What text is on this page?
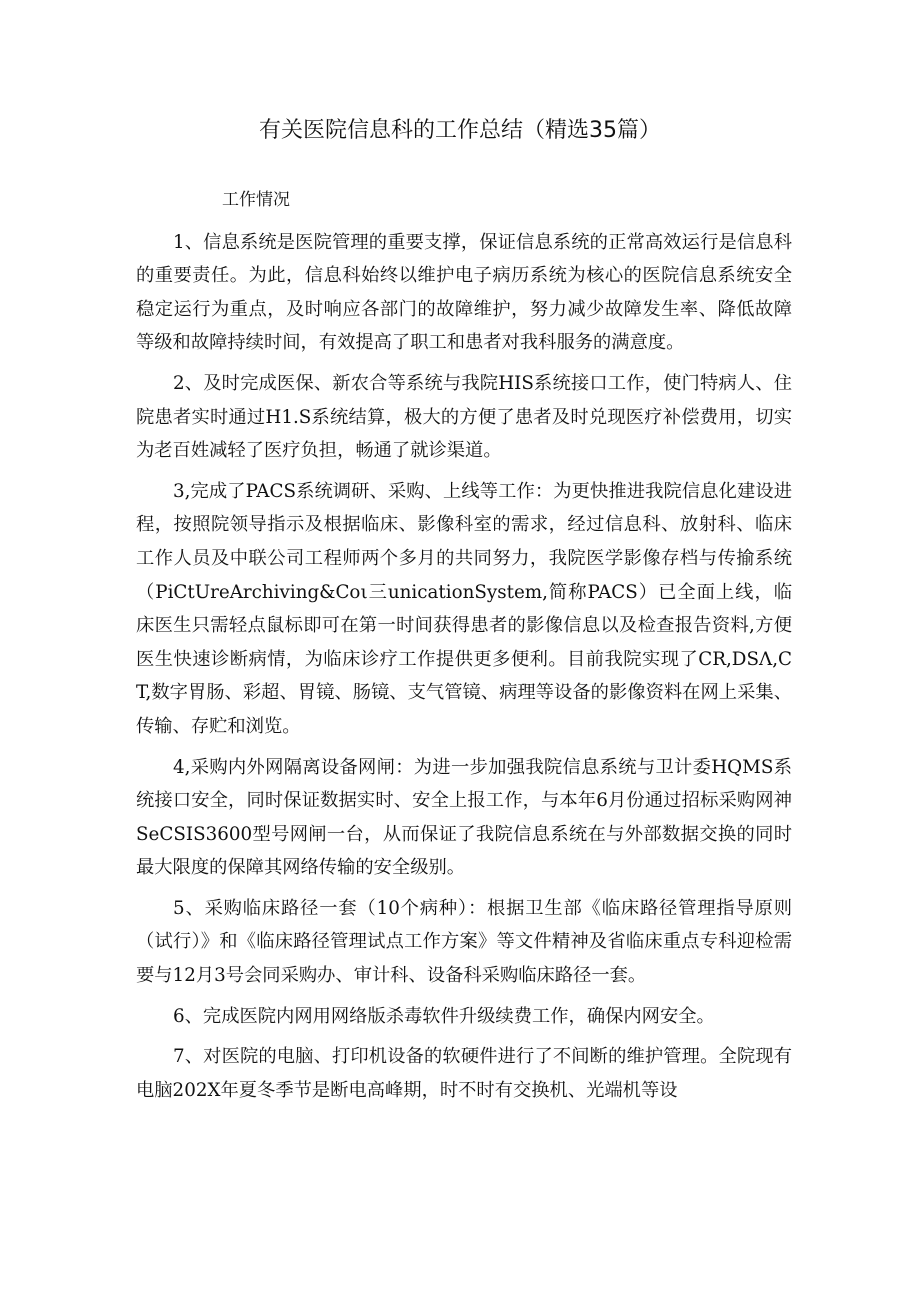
有关医院信息科的工作总结（精选35篇）

工作情况

1、信息系统是医院管理的重要支撑，保证信息系统的正常高效运行是信息科的重要责任。为此，信息科始终以维护电子病历系统为核心的医院信息系统安全稳定运行为重点，及时响应各部门的故障维护，努力减少故障发生率、降低故障等级和故障持续时间，有效提高了职工和患者对我科服务的满意度。

2、及时完成医保、新农合等系统与我院HIS系统接口工作，使门特病人、住院患者实时通过H1.S系统结算，极大的方便了患者及时兑现医疗补偿费用，切实为老百姓减轻了医疗负担，畅通了就诊渠道。

3,完成了PACS系统调研、采购、上线等工作：为更快推进我院信息化建设进程，按照院领导指示及根据临床、影像科室的需求，经过信息科、放射科、临床工作人员及中联公司工程师两个多月的共同努力，我院医学影像存档与传揄系统（PiCtUreArchiving&Coι三unicationSystem,简称PACS）已全面上线，临床医生只需轻点鼠标即可在第一时间获得患者的影像信息以及检查报告资料,方便医生快速诊断病情，为临床诊疗工作提供更多便利。目前我院实现了CR,DSΛ,CT,数字胃肠、彩超、胃镜、肠镜、支气管镜、病理等设备的影像资料在网上采集、传输、存贮和浏览。

4,采购内外网隔离设备网闸：为进一步加强我院信息系统与卫计委HQMS系统接口安全，同时保证数据实时、安全上报工作，与本年6月份通过招标采购网神SeCSIS3600型号网闸一台，从而保证了我院信息系统在与外部数据交换的同时最大限度的保障其网络传输的安全级别。

5、采购临床路径一套（10个病种）：根据卫生部《临床路径管理指导原则（试行）》和《临床路径管理试点工作方案》等文件精神及省临床重点专科迎检需要与12月3号会同采购办、审计科、设备科采购临床路径一套。

6、完成医院内网用网络版杀毒软件升级续费工作，确保内网安全。

7、对医院的电脑、打印机设备的软硬件进行了不间断的维护管理。全院现有电脑202X年夏冬季节是断电高峰期，时不时有交换机、光端机等设
